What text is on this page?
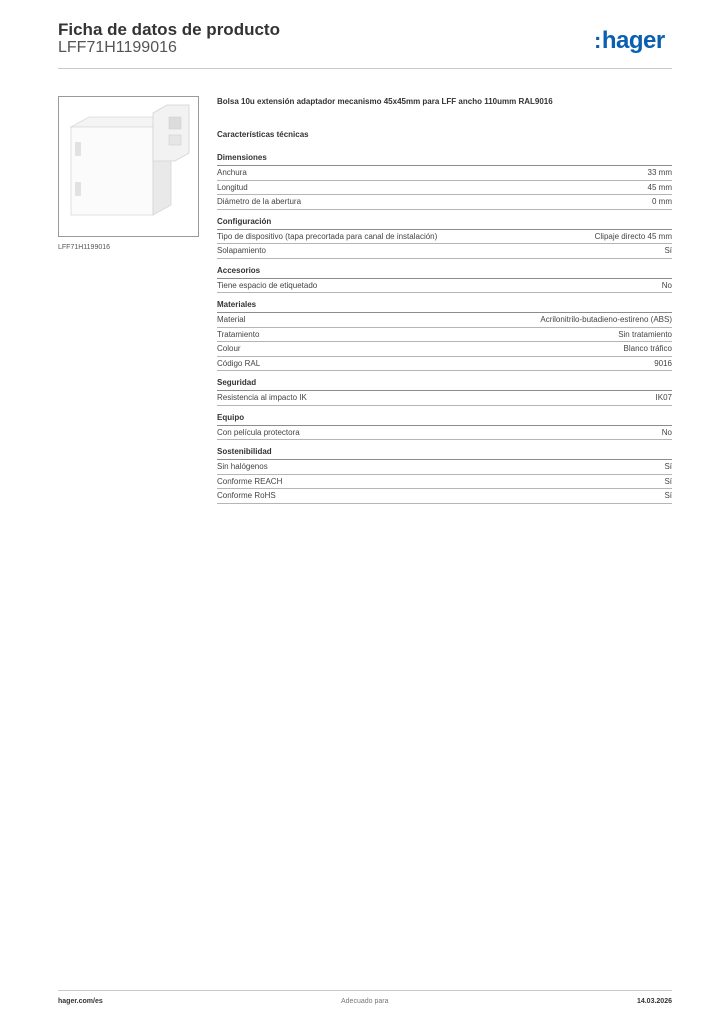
Ficha de datos de producto
LFF71H1199016	:hager
LFF71H1199016
Bolsa 10u extensión adaptador mecanismo 45x45mm para LFF ancho 110umm RAL9016
Características técnicas
Dimensiones
Anchura	33 mm
Longitud	45 mm
Diámetro de la abertura	0 mm
Configuración
Tipo de dispositivo (tapa precortada para canal de instalación)	Clipaje directo 45 mm
Solapamiento	Sí
Accesorios
Tiene espacio de etiquetado	No
Materiales
Material	Acrilonitrilo-butadieno-estireno (ABS)
Tratamiento	Sin tratamiento
Colour	Blanco tráfico
Código RAL	9016
Seguridad
Resistencia al impacto IK	IK07
Equipo
Con película protectora	No
Sostenibilidad
Sin halógenos	Sí
Conforme REACH	Sí
Conforme RoHS	Sí
hager.com/es	Adecuado para	14.03.2026
